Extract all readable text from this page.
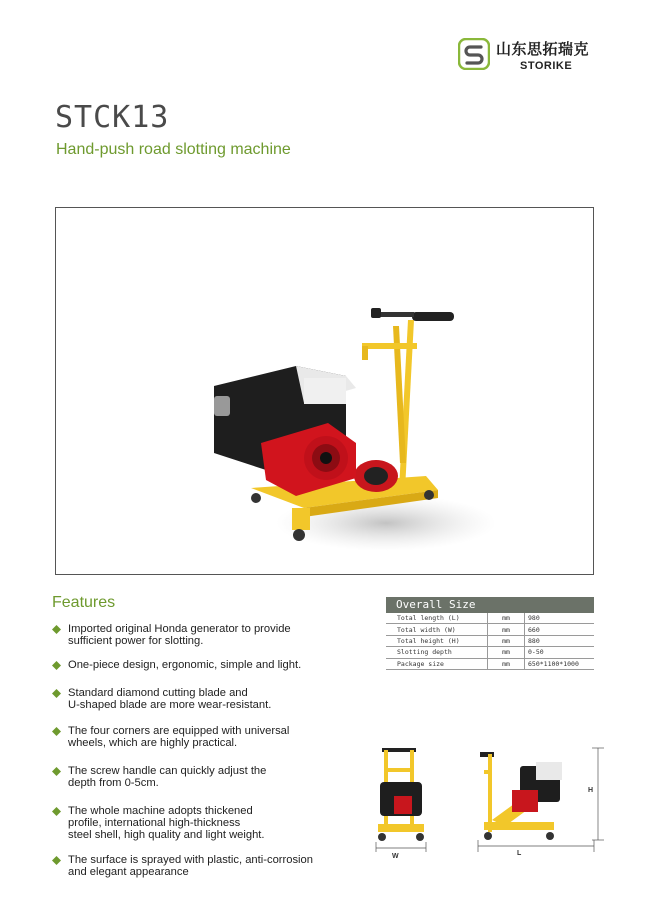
山东思拓瑞克
STORIKE
STCK13
Hand-push road slotting machine
Features
Imported original Honda generator to provide
sufficient power for slotting.
One-piece design, ergonomic, simple and light.
Standard diamond cutting blade and
U-shaped blade are more wear-resistant.
The four corners are equipped with universal
wheels, which are highly practical.
The screw handle can quickly adjust the
depth from 0-5cm.
The whole machine adopts thickened
profile, international high-thickness
steel shell, high quality and light weight.
The surface is sprayed with plastic, anti-corrosion
and elegant appearance
Overall Size
Total length (L)	mm	980
Total width (W)	mm	660
Total height (H)	mm	880
Slotting depth	mm	0-50
Package size	mm	650*1100*1000
W	L
H
